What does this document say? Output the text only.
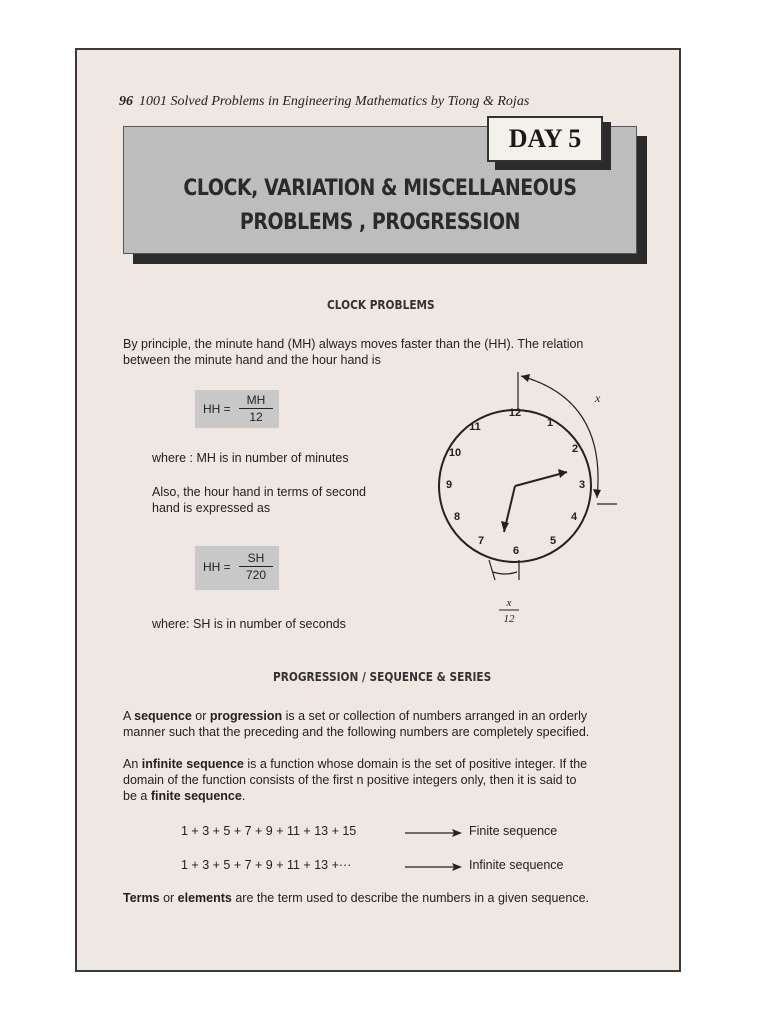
96 1001 Solved Problems in Engineering Mathematics by Tiong & Rojas
CLOCK, VARIATION & MISCELLANEOUS
PROBLEMS , PROGRESSION
DAY 5
CLOCK PROBLEMS
By principle, the minute hand (MH) always moves faster than the (HH). The relation
between the minute hand and the hour hand is
HH = $\frac{MH}{12}$
where : MH is in number of minutes
Also, the hour hand in terms of second
hand is expressed as
HH = $\frac{SH}{720}$
where: SH is in number of seconds
12
1
2
3
4
5
6
7
8
9
10
11
x
x
12
PROGRESSION / SEQUENCE & SERIES
A sequence or progression is a set or collection of numbers arranged in an orderly
manner such that the preceding and the following numbers are completely specified.
An infinite sequence is a function whose domain is the set of positive integer. If the
domain of the function consists of the first n positive integers only, then it is said to
be a finite sequence.
1 + 3 + 5 + 7 + 9 + 11 + 13 + 15	Finite sequence
1 + 3 + 5 + 7 + 9 + 11 + 13 +···	Infinite sequence
Terms or elements are the term used to describe the numbers in a given sequence.
